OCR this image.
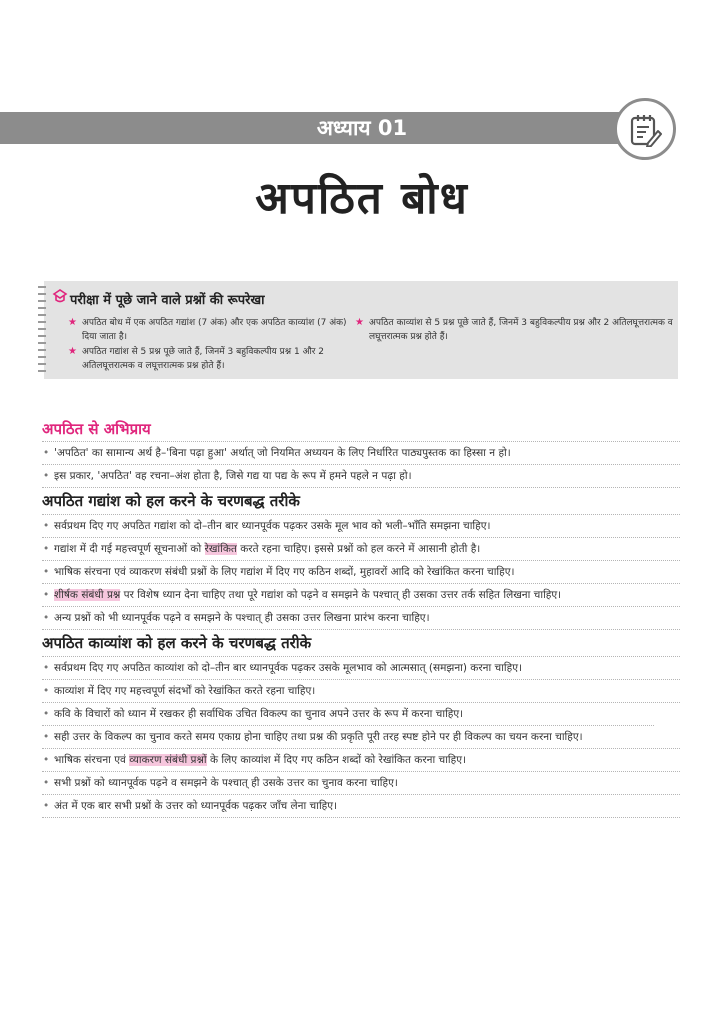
अध्याय 01
अपठित बोध
परीक्षा में पूछे जाने वाले प्रश्नों की रूपरेखा
★ अपठित बोध में एक अपठित गद्यांश (7 अंक) और एक अपठित काव्यांश (7 अंक) दिया जाता है।
★ अपठित गद्यांश से 5 प्रश्न पूछे जाते हैं, जिनमें 3 बहुविकल्पीय प्रश्न 1 और 2 अतिलघूत्तरात्मक व लघूत्तरात्मक प्रश्न होते हैं।
★ अपठित काव्यांश से 5 प्रश्न पूछे जाते हैं, जिनमें 3 बहुविकल्पीय प्रश्न और 2 अतिलघूत्तरात्मक व लघूत्तरात्मक प्रश्न होते हैं।
अपठित से अभिप्राय
• 'अपठित' का सामान्य अर्थ है–'बिना पढ़ा हुआ' अर्थात् जो नियमित अध्ययन के लिए निर्धारित पाठ्यपुस्तक का हिस्सा न हो।
• इस प्रकार, 'अपठित' वह रचना–अंश होता है, जिसे गद्य या पद्य के रूप में हमने पहले न पढ़ा हो।
अपठित गद्यांश को हल करने के चरणबद्ध तरीके
• सर्वप्रथम दिए गए अपठित गद्यांश को दो–तीन बार ध्यानपूर्वक पढ़कर उसके मूल भाव को भली–भाँति समझना चाहिए।
• गद्यांश में दी गई महत्त्वपूर्ण सूचनाओं को रेखांकित करते रहना चाहिए। इससे प्रश्नों को हल करने में आसानी होती है।
• भाषिक संरचना एवं व्याकरण संबंधी प्रश्नों के लिए गद्यांश में दिए गए कठिन शब्दों, मुहावरों आदि को रेखांकित करना चाहिए।
• शीर्षक संबंधी प्रश्न पर विशेष ध्यान देना चाहिए तथा पूरे गद्यांश को पढ़ने व समझने के पश्चात् ही उसका उत्तर तर्क सहित लिखना चाहिए।
• अन्य प्रश्नों को भी ध्यानपूर्वक पढ़ने व समझने के पश्चात् ही उसका उत्तर लिखना प्रारंभ करना चाहिए।
अपठित काव्यांश को हल करने के चरणबद्ध तरीके
• सर्वप्रथम दिए गए अपठित काव्यांश को दो–तीन बार ध्यानपूर्वक पढ़कर उसके मूलभाव को आत्मसात् (समझना) करना चाहिए।
• काव्यांश में दिए गए महत्त्वपूर्ण संदर्भों को रेखांकित करते रहना चाहिए।
• कवि के विचारों को ध्यान में रखकर ही सर्वाधिक उचित विकल्प का चुनाव अपने उत्तर के रूप में करना चाहिए।
• सही उत्तर के विकल्प का चुनाव करते समय एकाग्र होना चाहिए तथा प्रश्न की प्रकृति पूरी तरह स्पष्ट होने पर ही विकल्प का चयन करना चाहिए।
• भाषिक संरचना एवं व्याकरण संबंधी प्रश्नों के लिए काव्यांश में दिए गए कठिन शब्दों को रेखांकित करना चाहिए।
• सभी प्रश्नों को ध्यानपूर्वक पढ़ने व समझने के पश्चात् ही उसके उत्तर का चुनाव करना चाहिए।
• अंत में एक बार सभी प्रश्नों के उत्तर को ध्यानपूर्वक पढ़कर जाँच लेना चाहिए।
